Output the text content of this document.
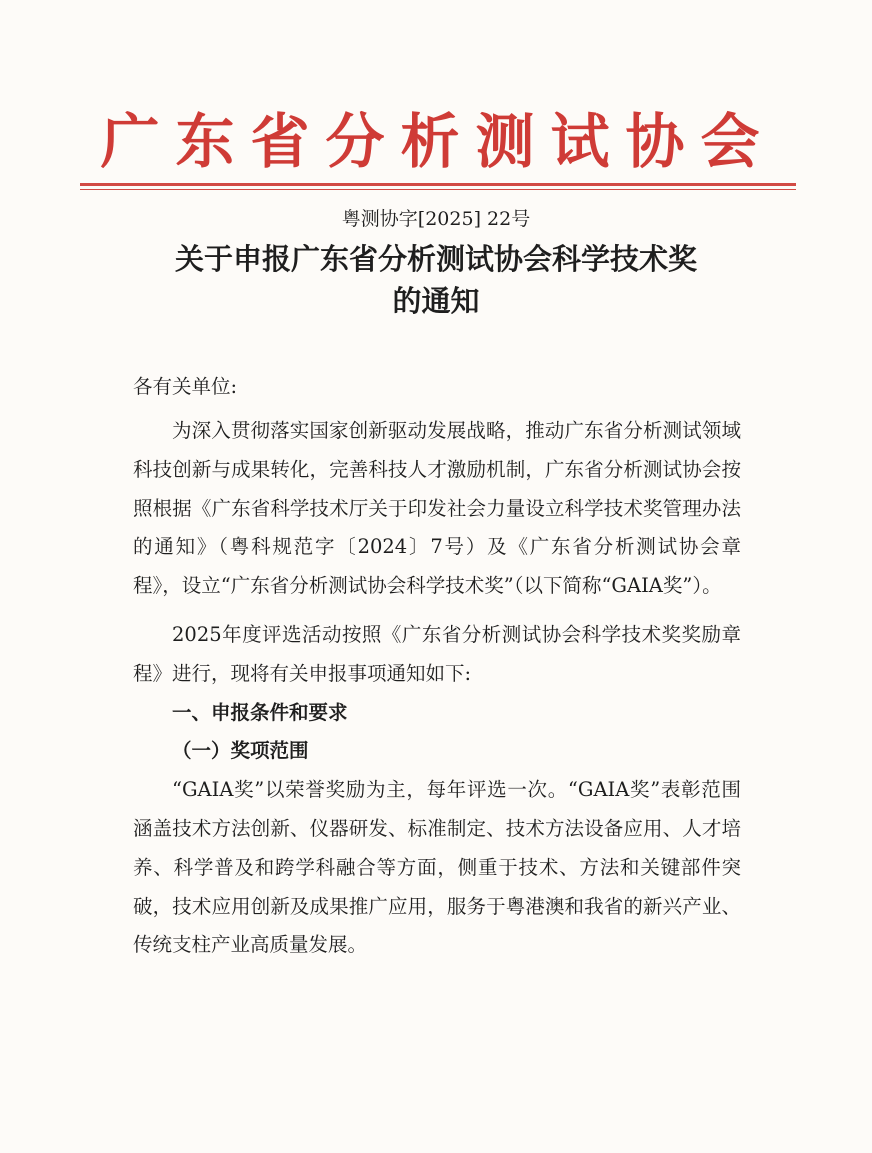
广东省分析测试协会
粤测协字[2025] 22号
关于申报广东省分析测试协会科学技术奖
的通知
各有关单位:

为深入贯彻落实国家创新驱动发展战略，推动广东省分析测试领域科技创新与成果转化，完善科技人才激励机制，广东省分析测试协会按照根据《广东省科学技术厅关于印发社会力量设立科学技术奖管理办法的通知》（粤科规范字〔2024〕7号）及《广东省分析测试协会章程》，设立“广东省分析测试协会科学技术奖”（以下简称“GAIA奖”）。

2025年度评选活动按照《广东省分析测试协会科学技术奖奖励章程》进行，现将有关申报事项通知如下:

一、申报条件和要求
（一）奖项范围

“GAIA奖”以荣誉奖励为主，每年评选一次。“GAIA奖”表彰范围涵盖技术方法创新、仪器研发、标准制定、技术方法设备应用、人才培养、科学普及和跨学科融合等方面，侧重于技术、方法和关键部件突破，技术应用创新及成果推广应用，服务于粤港澳和我省的新兴产业、传统支柱产业高质量发展。
